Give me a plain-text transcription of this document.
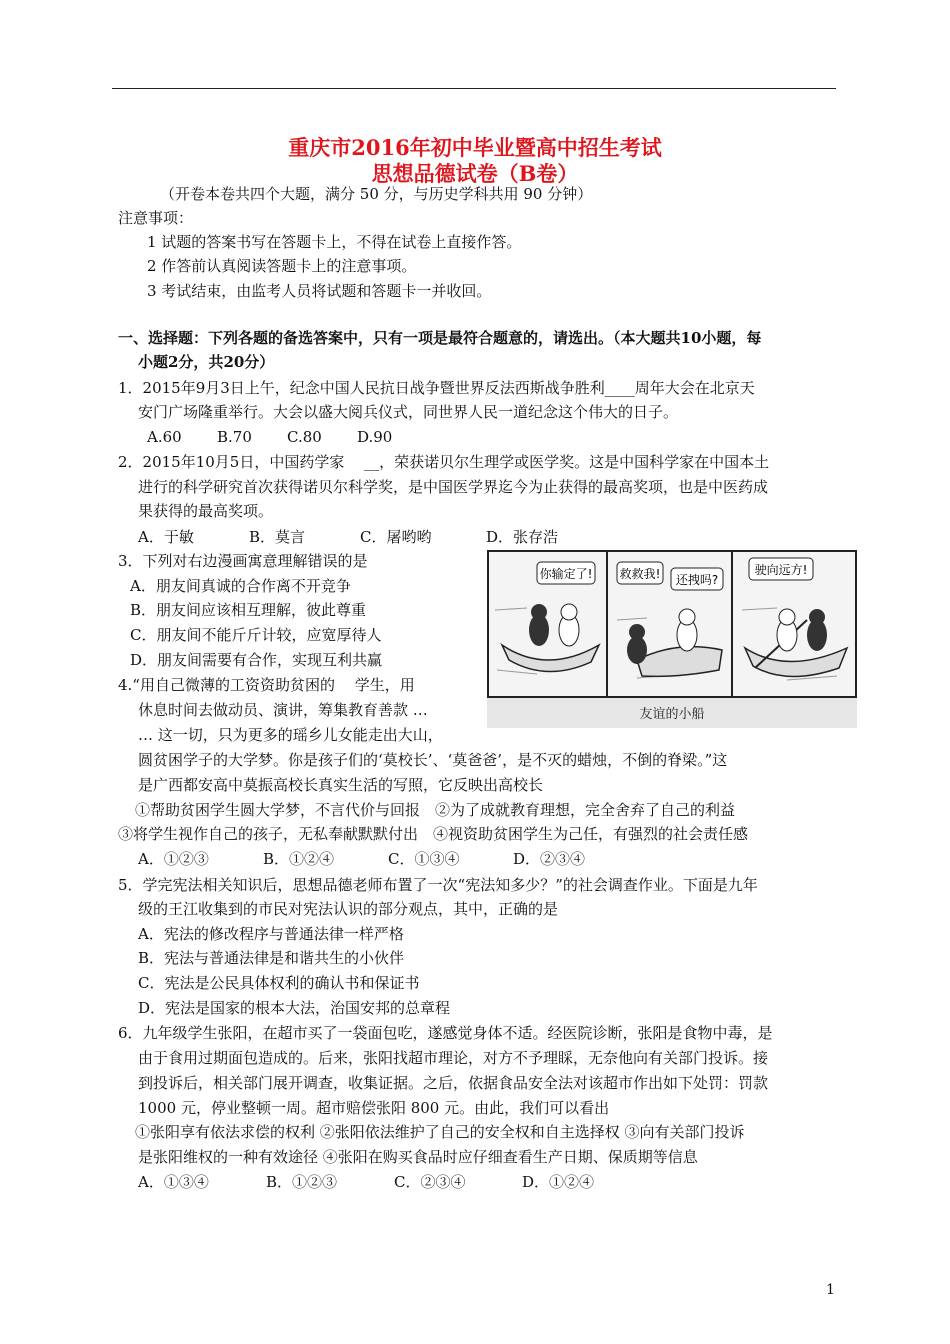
重庆市2016年初中毕业暨高中招生考试
思想品德试卷（B卷）
（开卷本卷共四个大题，满分 50 分，与历史学科共用 90 分钟）
注意事项：
1 试题的答案书写在答题卡上，不得在试卷上直接作答。
2 作答前认真阅读答题卡上的注意事项。
3 考试结束，由监考人员将试题和答题卡一并收回。
一、选择题：下列各题的备选答案中，只有一项是最符合题意的，请选出。（本大题共10小题，每
小题2分，共20分）
1．2015年9月3日上午，纪念中国人民抗日战争暨世界反法西斯战争胜利____周年大会在北京天
安门广场隆重举行。大会以盛大阅兵仪式，同世界人民一道纪念这个伟大的日子。
A.60 B.70 C.80 D.90
2．2015年10月5日，中国药学家　 __，荣获诺贝尔生理学或医学奖。这是中国科学家在中国本土
进行的科学研究首次获得诺贝尔科学奖，是中国医学界迄今为止获得的最高奖项，也是中医药成
果获得的最高奖项。
A．于敏	B．莫言	C．屠哟哟	D．张存浩
3．下列对右边漫画寓意理解错误的是
A．朋友间真诚的合作离不开竞争
B．朋友间应该相互理解，彼此尊重
C．朋友间不能斤斤计较，应宽厚待人
D．朋友间需要有合作，实现互利共赢
你输定了! 救救我! 还拽吗?
驶向远方!
友谊的小船
4.“用自己微薄的工资资助贫困的　 学生，用
休息时间去做动员、演讲，筹集教育善款 …
… 这一切，只为更多的瑶乡儿女能走出大山，
圆贫困学子的大学梦。你是孩子们的‘莫校长’、‘莫爸爸’，是不灭的蜡烛，不倒的脊梁。”这
是广西都安高中莫振高校长真实生活的写照，它反映出高校长
①帮助贫困学生圆大学梦，不言代价与回报　②为了成就教育理想，完全舍弃了自己的利益
③将学生视作自己的孩子，无私奉献默默付出　④视资助贫困学生为己任，有强烈的社会责任感
A．①②③	B．①②④	C．①③④	D．②③④
5．学完宪法相关知识后，思想品德老师布置了一次“宪法知多少？”的社会调查作业。下面是九年
级的王江收集到的市民对宪法认识的部分观点，其中，正确的是
A．宪法的修改程序与普通法律一样严格
B．宪法与普通法律是和谐共生的小伙伴
C．宪法是公民具体权利的确认书和保证书
D．宪法是国家的根本大法，治国安邦的总章程
6．九年级学生张阳，在超市买了一袋面包吃，遂感觉身体不适。经医院诊断，张阳是食物中毒，是
由于食用过期面包造成的。后来，张阳找超市理论，对方不予理睬，无奈他向有关部门投诉。接
到投诉后，相关部门展开调查，收集证据。之后，依据食品安全法对该超市作出如下处罚：罚款
1000 元，停业整顿一周。超市赔偿张阳 800 元。由此，我们可以看出
①张阳享有依法求偿的权利 ②张阳依法维护了自己的安全权和自主选择权 ③向有关部门投诉
是张阳维权的一种有效途径 ④张阳在购买食品时应仔细查看生产日期、保质期等信息
A．①③④	B．①②③	C．②③④	D．①②④
1
